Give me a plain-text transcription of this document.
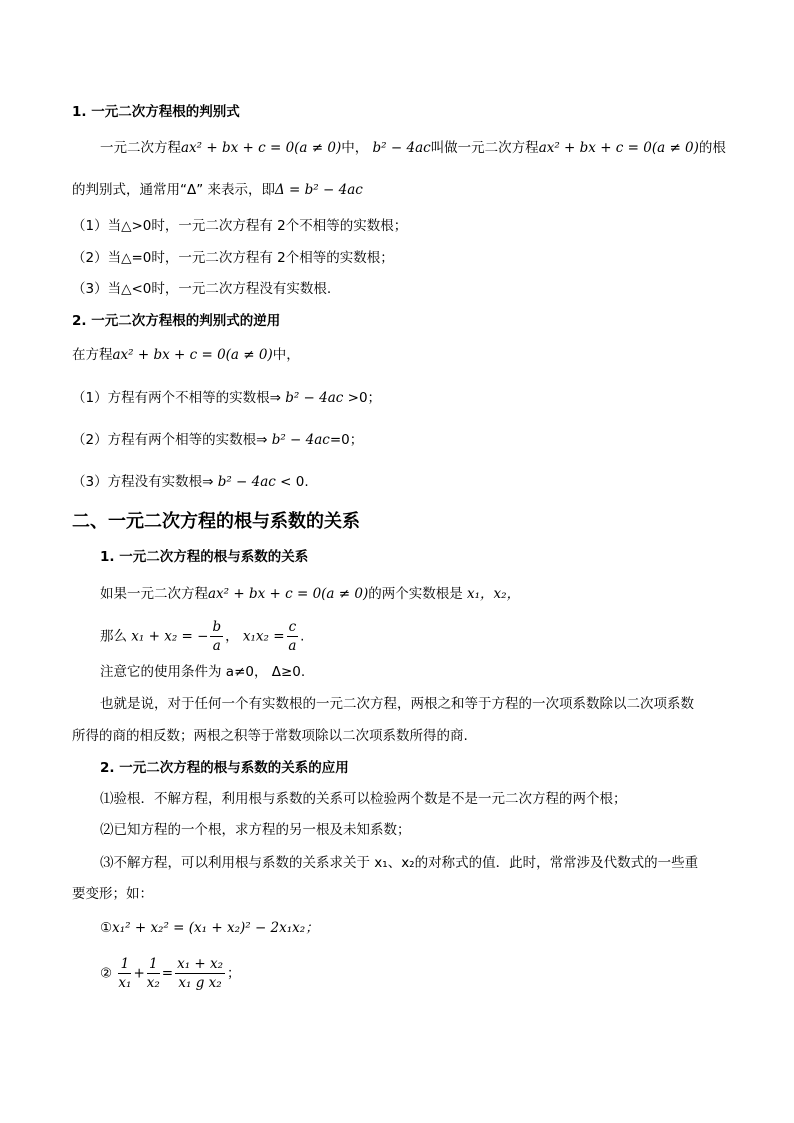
1. 一元二次方程根的判别式
一元二次方程ax² + bx + c = 0(a ≠ 0)中， b² − 4ac叫做一元二次方程ax² + bx + c = 0(a ≠ 0)的根
的判别式，通常用“Δ” 来表示，即Δ = b² − 4ac
（1）当△>0时，一元二次方程有 2个不相等的实数根；
（2）当△=0时，一元二次方程有 2个相等的实数根；
（3）当△<0时，一元二次方程没有实数根.
2. 一元二次方程根的判别式的逆用
在方程ax² + bx + c = 0(a ≠ 0)中，
（1）方程有两个不相等的实数根⇒ b² − 4ac >0；
（2）方程有两个相等的实数根⇒ b² − 4ac=0；
（3）方程没有实数根⇒ b² − 4ac < 0.
二、一元二次方程的根与系数的关系
1. 一元二次方程的根与系数的关系
如果一元二次方程ax² + bx + c = 0(a ≠ 0)的两个实数根是 x₁，x₂，
那么 x₁ + x₂ = − $\frac{b}{a}$ ， $x_1x_2 = \frac{c}{a}$ .
注意它的使用条件为 a≠0， Δ≥0.
也就是说，对于任何一个有实数根的一元二次方程，两根之和等于方程的一次项系数除以二次项系数
所得的商的相反数；两根之积等于常数项除以二次项系数所得的商.
2. 一元二次方程的根与系数的关系的应用
⑴验根．不解方程，利用根与系数的关系可以检验两个数是不是一元二次方程的两个根；
⑵已知方程的一个根，求方程的另一根及未知系数；
⑶不解方程，可以利用根与系数的关系求关于 x₁、x₂的对称式的值．此时，常常涉及代数式的一些重
要变形；如：
①x₁² + x₂² = (x₁ + x₂)² − 2x₁x₂；
② $\frac{1}{\text{x₁}} + \frac{1}{\text{x₂}} = \frac{\text{x₁ + x₂}}{\text{x₁ g x₂}}$ ；
